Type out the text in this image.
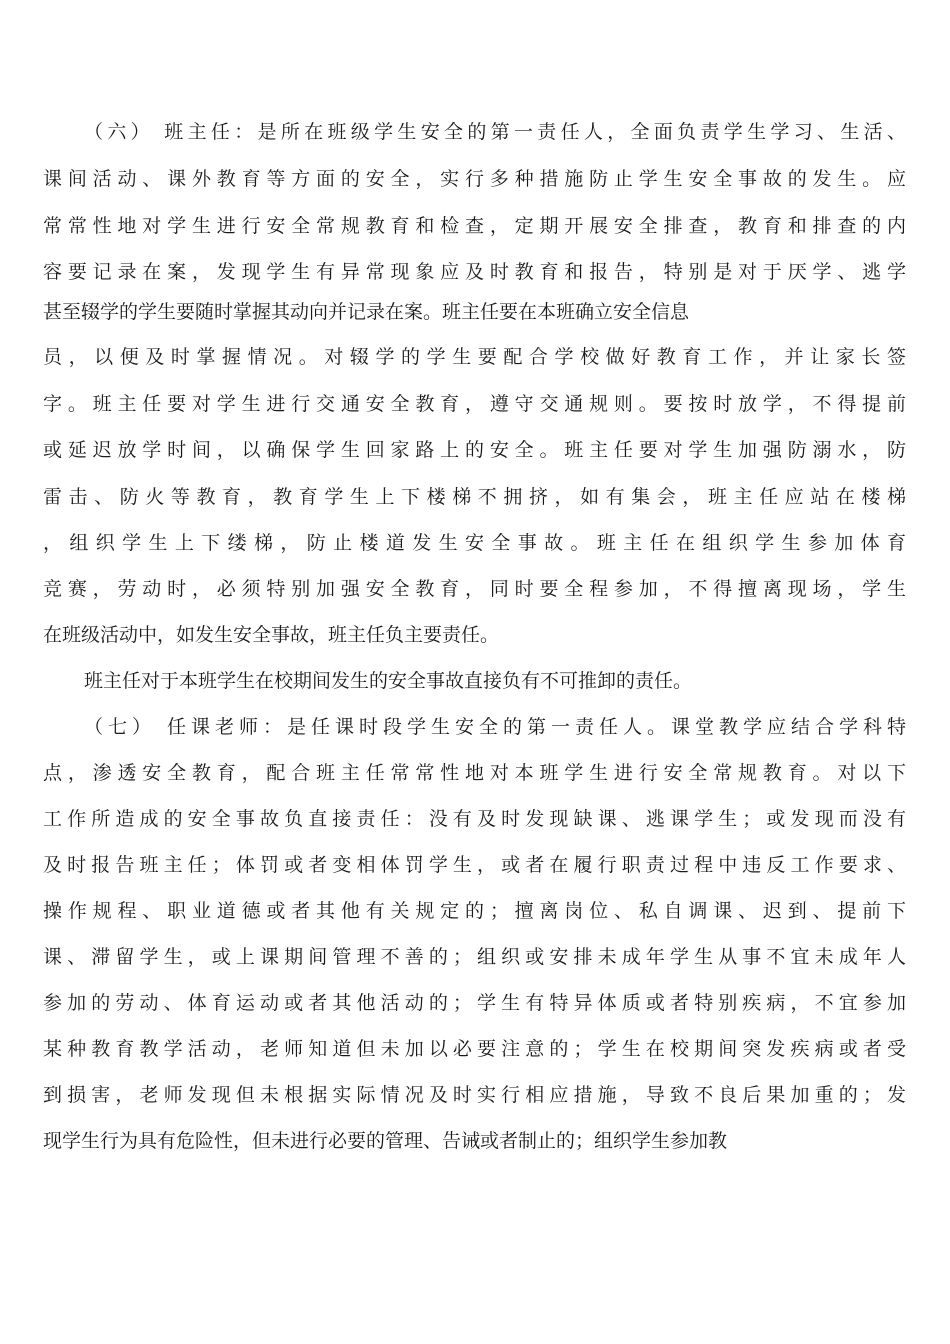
（六） 班主任：是所在班级学生安全的第一责任人，全面负责学生学习、生活、
课间活动、课外教育等方面的安全，实行多种措施防止学生安全事故的发生。应
常常性地对学生进行安全常规教育和检查，定期开展安全排查，教育和排查的内
容要记录在案，发现学生有异常现象应及时教育和报告，特别是对于厌学、逃学
甚至辍学的学生要随时掌握其动向并记录在案。班主任要在本班确立安全信息
员，以便及时掌握情况。对辍学的学生要配合学校做好教育工作，并让家长签
字。班主任要对学生进行交通安全教育，遵守交通规则。要按时放学，不得提前
或延迟放学时间，以确保学生回家路上的安全。班主任要对学生加强防溺水，防
雷击、防火等教育，教育学生上下楼梯不拥挤，如有集会，班主任应站在楼梯
，组织学生上下缕梯，防止楼道发生安全事故。班主任在组织学生参加体育
竞赛，劳动时，必须特别加强安全教育，同时要全程参加，不得擅离现场，学生
在班级活动中，如发生安全事故，班主任负主要责任。
班主任对于本班学生在校期间发生的安全事故直接负有不可推卸的责任。
（七） 任课老师：是任课时段学生安全的第一责任人。课堂教学应结合学科特
点，渗透安全教育，配合班主任常常性地对本班学生进行安全常规教育。对以下
工作所造成的安全事故负直接责任：没有及时发现缺课、逃课学生；或发现而没有
及时报告班主任；体罚或者变相体罚学生，或者在履行职责过程中违反工作要求、
操作规程、职业道德或者其他有关规定的；擅离岗位、私自调课、迟到、提前下
课、滞留学生，或上课期间管理不善的；组织或安排未成年学生从事不宜未成年人
参加的劳动、体育运动或者其他活动的；学生有特异体质或者特别疾病，不宜参加
某种教育教学活动，老师知道但未加以必要注意的；学生在校期间突发疾病或者受
到损害，老师发现但未根据实际情况及时实行相应措施，导致不良后果加重的；发
现学生行为具有危险性，但未进行必要的管理、告诫或者制止的；组织学生参加教
